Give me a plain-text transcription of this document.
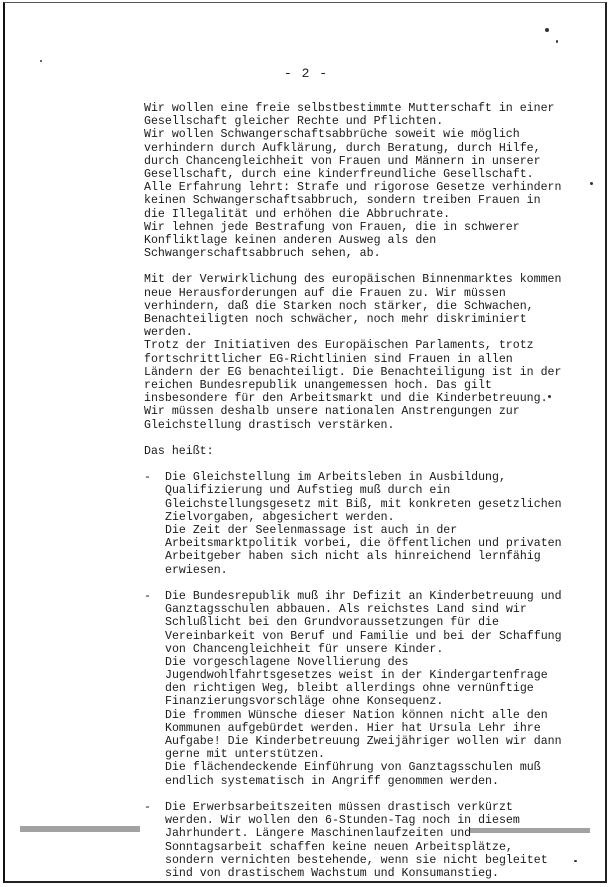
- 2 -
Wir wollen eine freie selbstbestimmte Mutterschaft in einer
Gesellschaft gleicher Rechte und Pflichten.
Wir wollen Schwangerschaftsabbrüche soweit wie möglich
verhindern durch Aufklärung, durch Beratung, durch Hilfe,
durch Chancengleichheit von Frauen und Männern in unserer
Gesellschaft, durch eine kinderfreundliche Gesellschaft.
Alle Erfahrung lehrt: Strafe und rigorose Gesetze verhindern
keinen Schwangerschaftsabbruch, sondern treiben Frauen in
die Illegalität und erhöhen die Abbruchrate.
Wir lehnen jede Bestrafung von Frauen, die in schwerer
Konfliktlage keinen anderen Ausweg als den
Schwangerschaftsabbruch sehen, ab.
Mit der Verwirklichung des europäischen Binnenmarktes kommen
neue Herausforderungen auf die Frauen zu. Wir müssen
verhindern, daß die Starken noch stärker, die Schwachen,
Benachteiligten noch schwächer, noch mehr diskriminiert
werden.
Trotz der Initiativen des Europäischen Parlaments, trotz
fortschrittlicher EG-Richtlinien sind Frauen in allen
Ländern der EG benachteiligt. Die Benachteiligung ist in der
reichen Bundesrepublik unangemessen hoch. Das gilt
insbesondere für den Arbeitsmarkt und die Kinderbetreuung.
Wir müssen deshalb unsere nationalen Anstrengungen zur
Gleichstellung drastisch verstärken.
Das heißt:
- Die Gleichstellung im Arbeitsleben in Ausbildung,
Qualifizierung und Aufstieg muß durch ein
Gleichstellungsgesetz mit Biß, mit konkreten gesetzlichen
Zielvorgaben, abgesichert werden.
Die Zeit der Seelenmassage ist auch in der
Arbeitsmarktpolitik vorbei, die öffentlichen und privaten
Arbeitgeber haben sich nicht als hinreichend lernfähig
erwiesen.
- Die Bundesrepublik muß ihr Defizit an Kinderbetreuung und
Ganztagsschulen abbauen. Als reichstes Land sind wir
Schlußlicht bei den Grundvoraussetzungen für die
Vereinbarkeit von Beruf und Familie und bei der Schaffung
von Chancengleichheit für unsere Kinder.
Die vorgeschlagene Novellierung des
Jugendwohlfahrtsgesetzes weist in der Kindergartenfrage
den richtigen Weg, bleibt allerdings ohne vernünftige
Finanzierungsvorschläge ohne Konsequenz.
Die frommen Wünsche dieser Nation können nicht alle den
Kommunen aufgebürdet werden. Hier hat Ursula Lehr ihre
Aufgabe! Die Kinderbetreuung Zweijähriger wollen wir dann
gerne mit unterstützen.
Die flächendeckende Einführung von Ganztagsschulen muß
endlich systematisch in Angriff genommen werden.
- Die Erwerbsarbeitszeiten müssen drastisch verkürzt
werden. Wir wollen den 6-Stunden-Tag noch in diesem
Jahrhundert. Längere Maschinenlaufzeiten und
Sonntagsarbeit schaffen keine neuen Arbeitsplätze,
sondern vernichten bestehende, wenn sie nicht begleitet
sind von drastischem Wachstum und Konsumanstieg.
